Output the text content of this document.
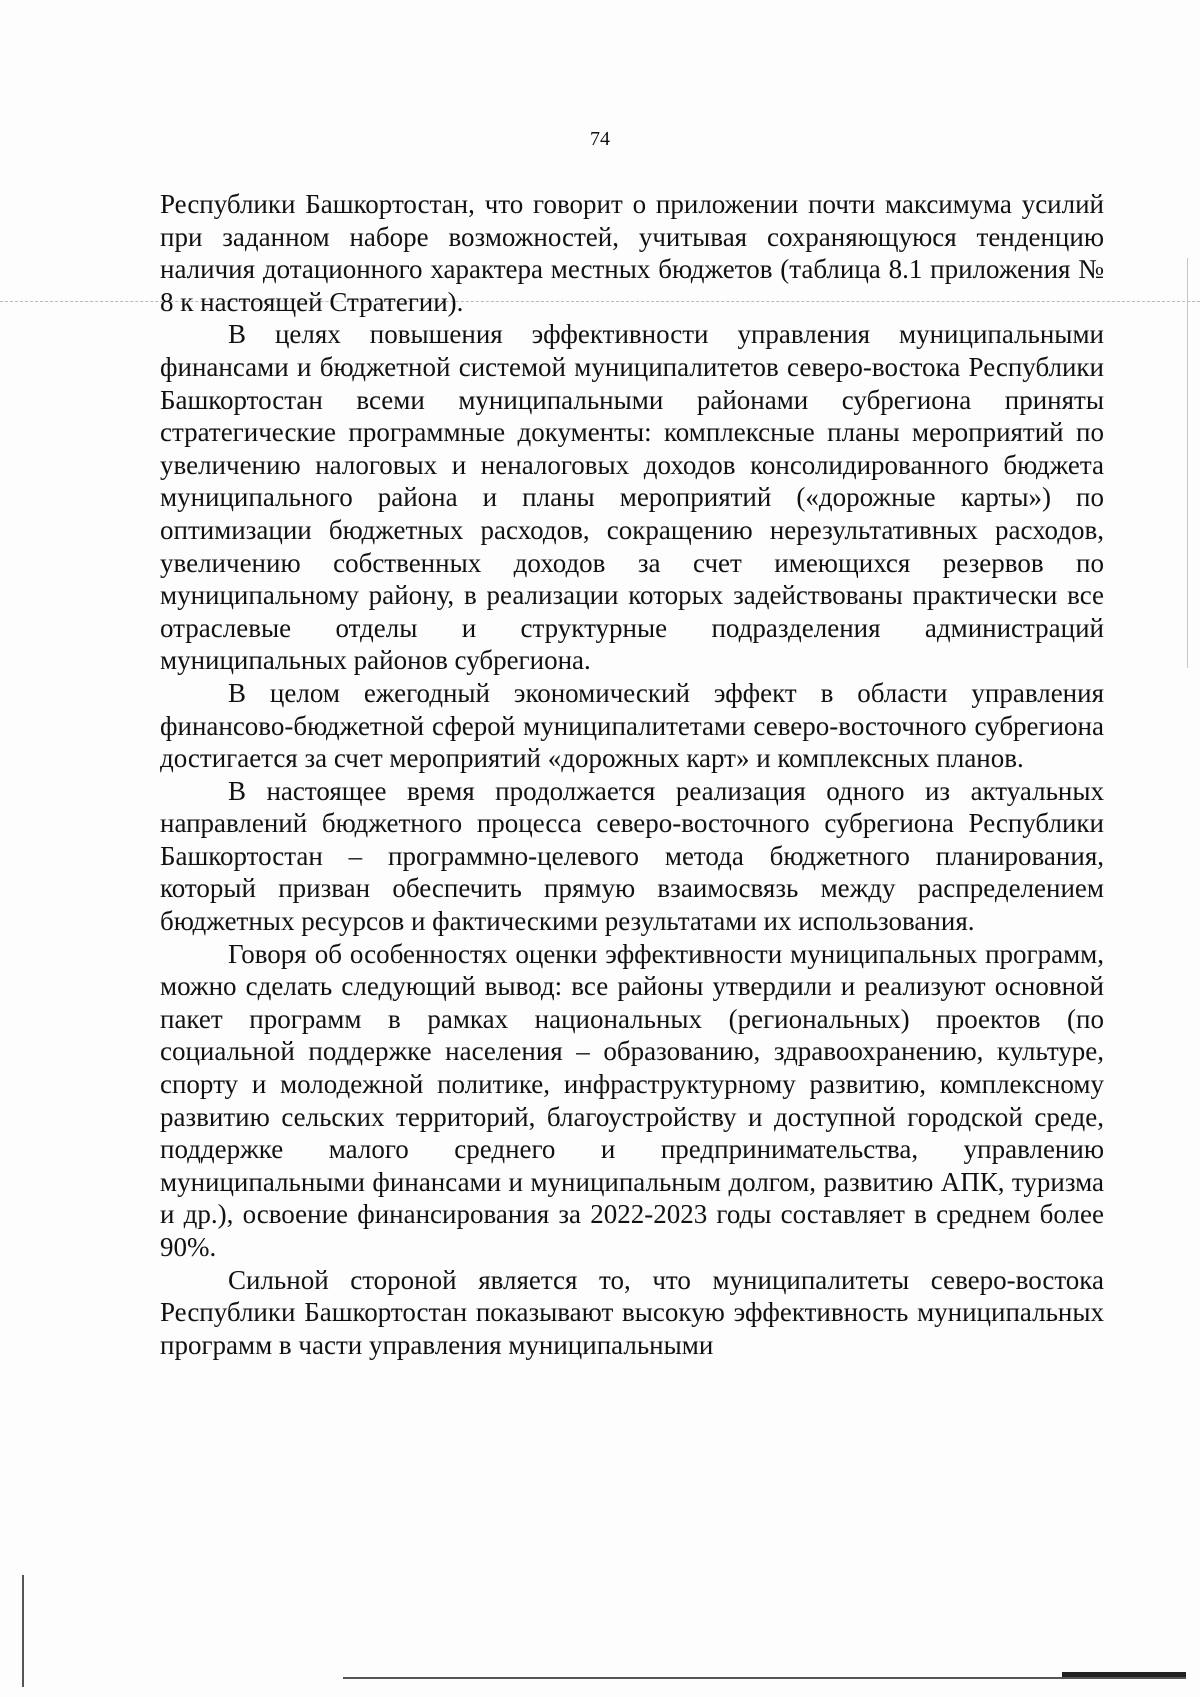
74

Республики Башкортостан, что говорит о приложении почти максимума усилий при заданном наборе возможностей, учитывая сохраняющуюся тенденцию наличия дотационного характера местных бюджетов (таблица 8.1 приложения № 8 к настоящей Стратегии).

В целях повышения эффективности управления муниципальными финансами и бюджетной системой муниципалитетов северо-востока Республики Башкортостан всеми муниципальными районами субрегиона приняты стратегические программные документы: комплексные планы мероприятий по увеличению налоговых и неналоговых доходов консолидированного бюджета муниципального района и планы мероприятий («дорожные карты») по оптимизации бюджетных расходов, сокращению нерезультативных расходов, увеличению собственных доходов за счет имеющихся резервов по муниципальному району, в реализации которых задействованы практически все отраслевые отделы и структурные подразделения администраций муниципальных районов субрегиона.

В целом ежегодный экономический эффект в области управления финансово-бюджетной сферой муниципалитетами северо-восточного субрегиона достигается за счет мероприятий «дорожных карт» и комплексных планов.

В настоящее время продолжается реализация одного из актуальных направлений бюджетного процесса северо-восточного субрегиона Республики Башкортостан – программно-целевого метода бюджетного планирования, который призван обеспечить прямую взаимосвязь между распределением бюджетных ресурсов и фактическими результатами их использования.

Говоря об особенностях оценки эффективности муниципальных программ, можно сделать следующий вывод: все районы утвердили и реализуют основной пакет программ в рамках национальных (региональных) проектов (по социальной поддержке населения – образованию, здравоохранению, культуре, спорту и молодежной политике, инфраструктурному развитию, комплексному развитию сельских территорий, благоустройству и доступной городской среде, поддержке малого среднего и предпринимательства, управлению муниципальными финансами и муниципальным долгом, развитию АПК, туризма и др.), освоение финансирования за 2022-2023 годы составляет в среднем более 90%.

Сильной стороной является то, что муниципалитеты северо-востока Республики Башкортостан показывают высокую эффективность муниципальных программ в части управления муниципальными
